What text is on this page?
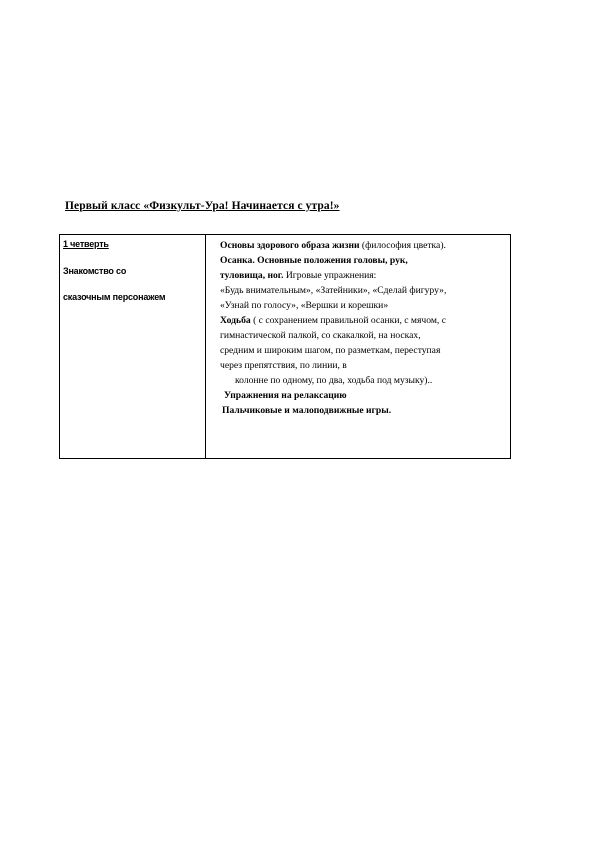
Первый класс «Физкульт-Ура! Начинается с утра!»
1 четверть
Знакомство со
сказочным персонажем
Основы здорового образа жизни (философия цветка).
Осанка. Основные положения головы, рук,
туловища, ног. Игровые упражнения:
«Будь внимательным», «Затейники», «Сделай фигуру»,
«Узнай по голосу», «Вершки и корешки»
Ходьба ( с сохранением правильной осанки, с мячом, с
гимнастической палкой, со скакалкой, на носках,
средним и широким шагом, по разметкам, переступая
через препятствия, по линии, в
колонне по одному, по два, ходьба под музыку)..
Упражнения на релаксацию
Пальчиковые и малоподвижные игры.
